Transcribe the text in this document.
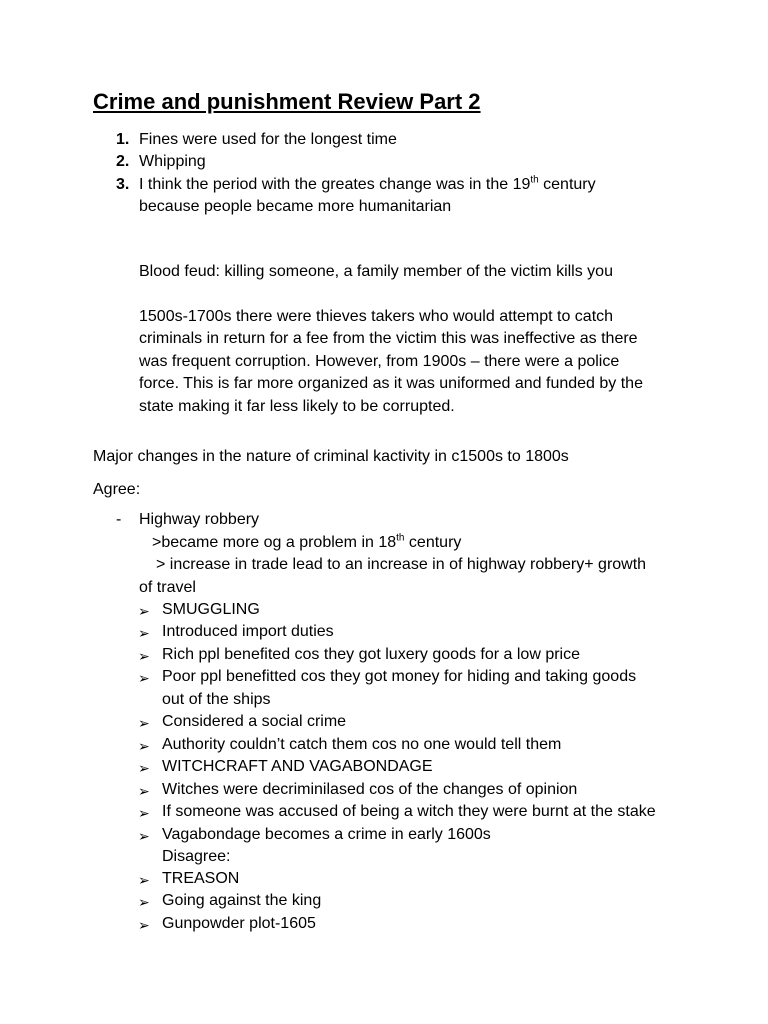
Crime and punishment Review Part 2
1. Fines were used for the longest time
2. Whipping
3. I think the period with the greates change was in the 19th century
because people became more humanitarian
Blood feud: killing someone, a family member of the victim kills you
1500s-1700s there were thieves takers who would attempt to catch
criminals in return for a fee from the victim this was ineffective as there
was frequent corruption. However, from 1900s – there were a police
force. This is far more organized as it was uniformed and funded by the
state making it far less likely to be corrupted.
Major changes in the nature of criminal kactivity in c1500s to 1800s
Agree:
- Highway robbery
>became more og a problem in 18th century
> increase in trade lead to an increase in of highway robbery+ growth
of travel
➢ SMUGGLING
➢ Introduced import duties
➢ Rich ppl benefited cos they got luxery goods for a low price
➢ Poor ppl benefitted cos they got money for hiding and taking goods
out of the ships
➢ Considered a social crime
➢ Authority couldn’t catch them cos no one would tell them
➢ WITCHCRAFT AND VAGABONDAGE
➢ Witches were decriminilased cos of the changes of opinion
➢ If someone was accused of being a witch they were burnt at the stake
➢ Vagabondage becomes a crime in early 1600s
Disagree:
➢ TREASON
➢ Going against the king
➢ Gunpowder plot-1605
